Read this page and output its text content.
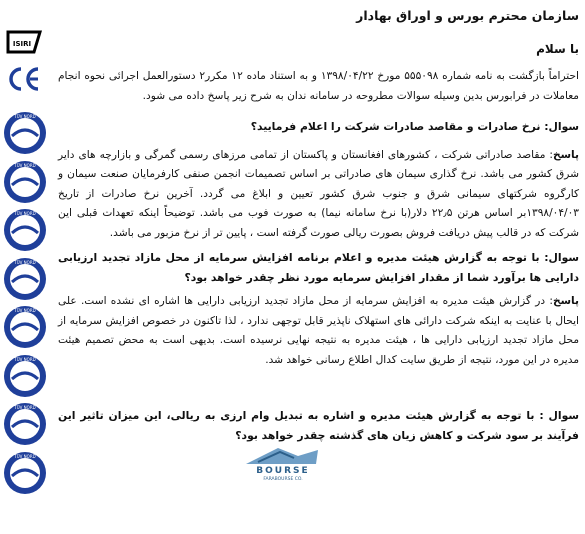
ISIRI
TÜV NORD
TÜV NORD
TÜV NORD
TÜV NORD
TÜV NORD
TÜV NORD
TÜV NORD
TÜV NORD

سازمان محترم بورس و اوراق بهادار

با سلام

احتراماً بازگشت به نامه شماره ۵۵۵۰۹۸ مورخ ۱۳۹۸/۰۴/۲۲ و به استناد ماده ۱۲ مکرر۲ دستورالعمل اجرائی نحوه انجام معاملات در فرابورس بدین وسیله سوالات مطروحه در سامانه ندان به شرح زیر پاسخ داده می شود.

سوال: نرخ صادرات و مقاصد صادرات شرکت را اعلام فرمایید؟

پاسخ: مقاصد صادراتی شرکت ، کشورهای افغانستان و پاکستان از تمامی مرزهای رسمی گمرگی و بازارچه های دایر شرق کشور می باشد. نرخ گذاری سیمان های صادراتی بر اساس تصمیمات انجمن صنفی کارفرمایان صنعت سیمان و کارگروه شرکتهای سیمانی شرق و جنوب شرق کشور تعیین و ابلاغ می گردد. آخرین نرخ صادرات از تاریخ ۱۳۹۸/۰۴/۰۳بر اساس هرتن ۲۲٫۵ دلار(با نرخ سامانه نیما) به صورت فوب می باشد. توضیحاً اینکه تعهدات قبلی این شرکت که در قالب پیش دریافت فروش بصورت ریالی صورت گرفته است ، پایین تر از نرخ مزبور می باشد.

سوال: با توجه به گزارش هیئت مدیره و اعلام برنامه افزایش سرمایه از محل مازاد تجدید ارزیابی دارایی ها برآورد شما از مقدار افزایش سرمایه مورد نظر چقدر خواهد بود؟

پاسخ: در گزارش هیئت مدیره به افزایش سرمایه از محل مازاد تجدید ارزیابی دارایی ها اشاره ای نشده است. علی ایحال با عنایت به اینکه شرکت دارائی های استهلاک ناپذیر قابل توجهی ندارد ، لذا تاکنون در خصوص افزایش سرمایه از محل مازاد تجدید ارزیابی دارایی ها ، هیئت مدیره به نتیجه نهایی نرسیده است. بدیهی است به محض تصمیم هیئت مدیره در این مورد، نتیجه از طریق سایت کدال اطلاع رسانی خواهد شد.

سوال : با توجه به گزارش هیئت مدیره و اشاره به تبدیل وام ارزی به ریالی، این میزان تاثیر این فرآیند بر سود شرکت و کاهش زیان های گذشته چقدر خواهد بود؟

BOURSE
FARABOURSE CO.
